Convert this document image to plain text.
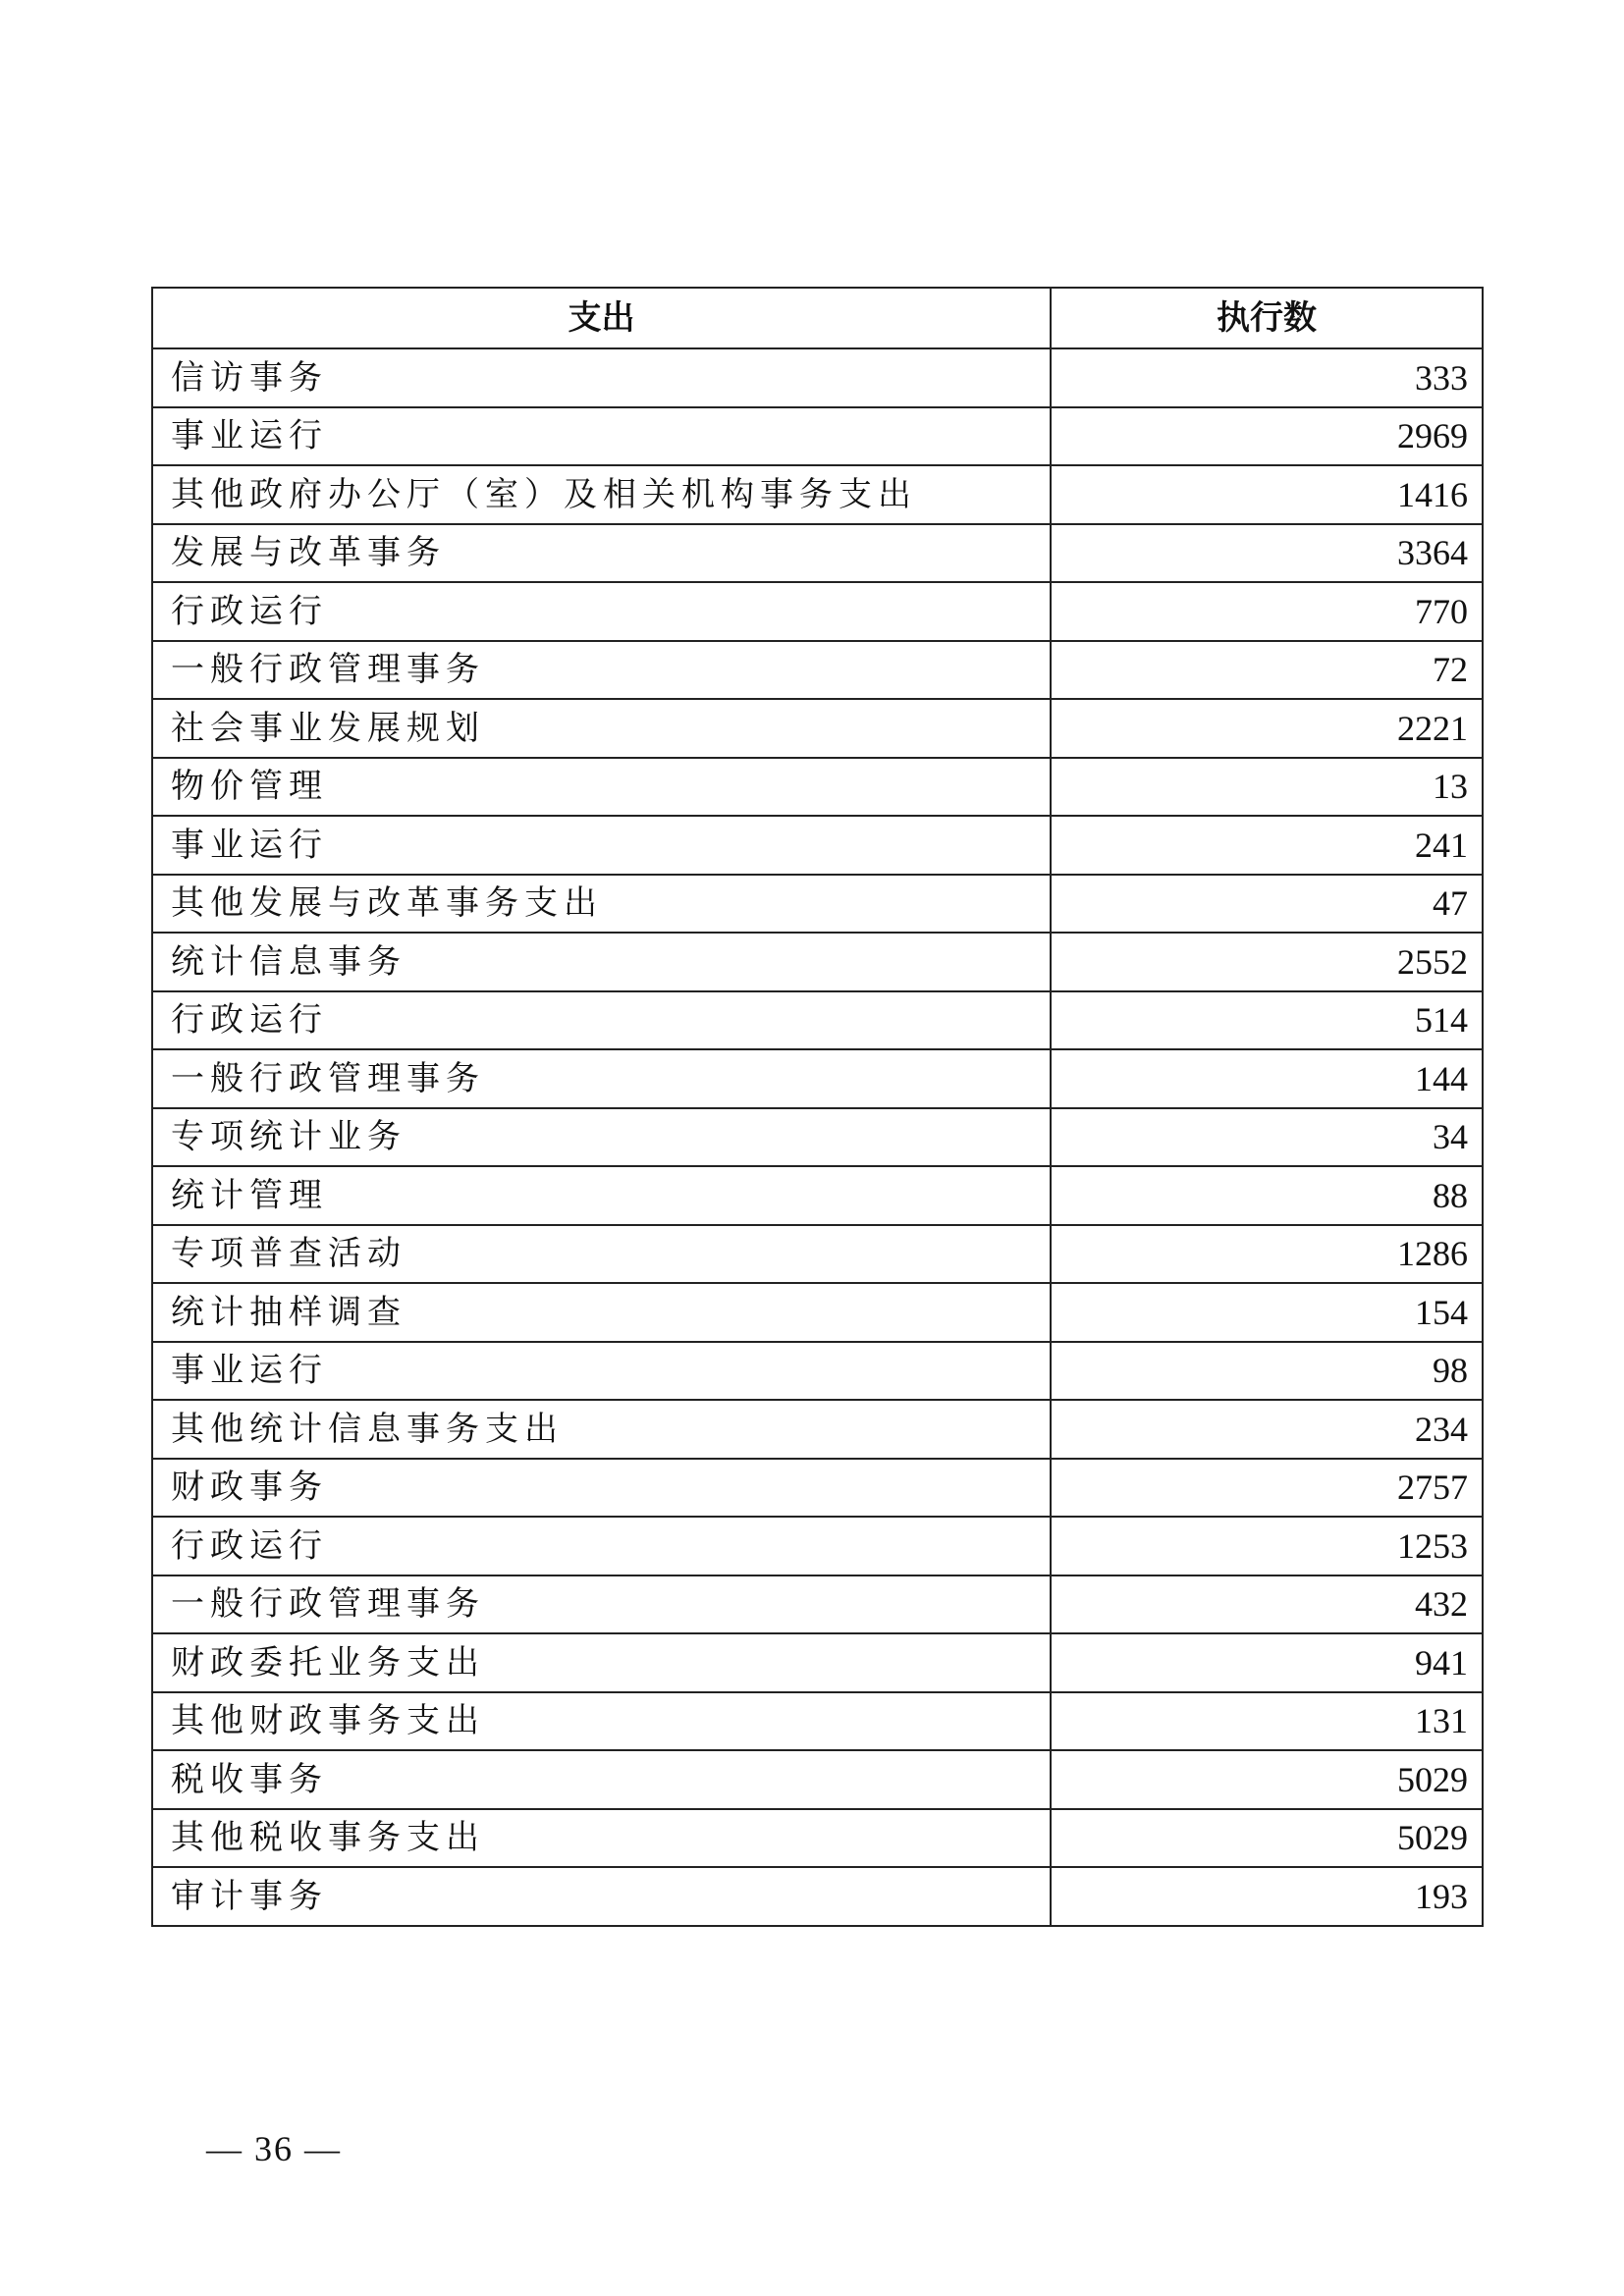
支出	执行数
信访事务	333
事业运行	2969
其他政府办公厅（室）及相关机构事务支出	1416
发展与改革事务	3364
行政运行	770
一般行政管理事务	72
社会事业发展规划	2221
物价管理	13
事业运行	241
其他发展与改革事务支出	47
统计信息事务	2552
行政运行	514
一般行政管理事务	144
专项统计业务	34
统计管理	88
专项普查活动	1286
统计抽样调查	154
事业运行	98
其他统计信息事务支出	234
财政事务	2757
行政运行	1253
一般行政管理事务	432
财政委托业务支出	941
其他财政事务支出	131
税收事务	5029
其他税收事务支出	5029
审计事务	193
— 36 —
